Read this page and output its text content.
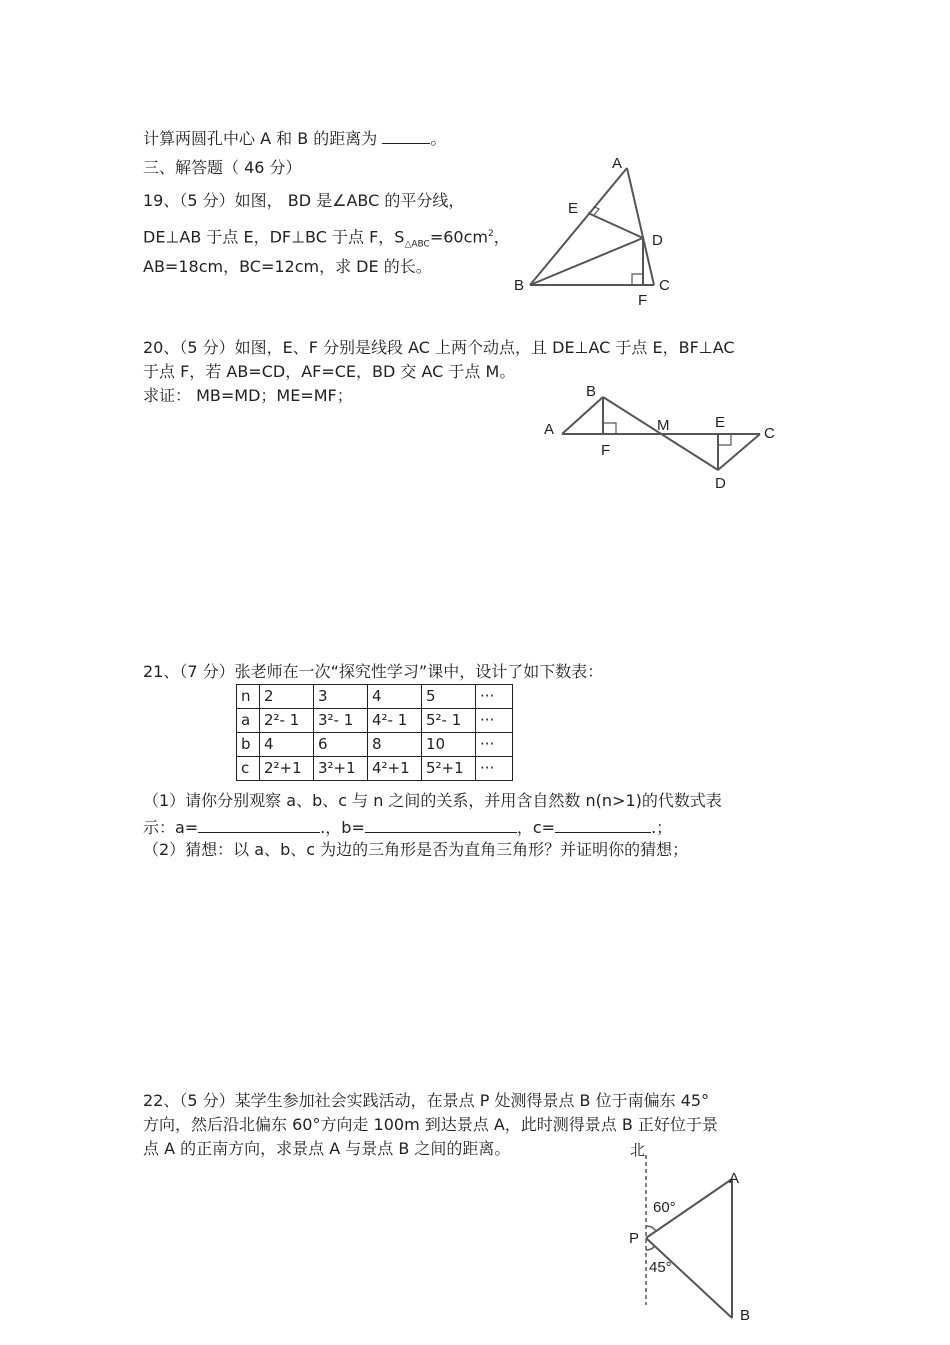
计算两圆孔中心 A 和 B 的距离为	。
三、解答题（ 46 分）
19、（5 分）如图， BD 是∠ABC 的平分线，
DE⊥AB 于点 E，DF⊥BC 于点 F，$S_{\triangle ABC}=60cm^2$，
AB=18cm，BC=12cm，求 DE 的长。
A
E
D
B	C
F
20、（5 分）如图，E、F 分别是线段 AC 上两个动点，且 DE⊥AC 于点 E，BF⊥AC
于点 F，若 AB=CD，AF=CE，BD 交 AC 于点 M。
求证： MB=MD；ME=MF；	B
A
F
M	E
C
D
21、（7 分）张老师在一次“探究性学习”课中，设计了如下数表：
n	2	3	4	5	···
a	2²- 1	3²- 1	4²- 1	5²- 1	···
b	4	6	8	10	···
c	2²+1	3²+1	4²+1	5²+1	···
（1）请你分别观察 a、b、c 与 n 之间的关系，并用含自然数 n(n>1)的代数式表
示：a=	.，b=	，c=	.；
（2）猜想：以 a、b、c 为边的三角形是否为直角三角形？并证明你的猜想；
22、（5 分）某学生参加社会实践活动，在景点 P 处测得景点 B 位于南偏东 45°
方向，然后沿北偏东 60°方向走 100m 到达景点 A，此时测得景点 B 正好位于景
点 A 的正南方向，求景点 A 与景点 B 之间的距离。	北
A
60°
P
45°
B
